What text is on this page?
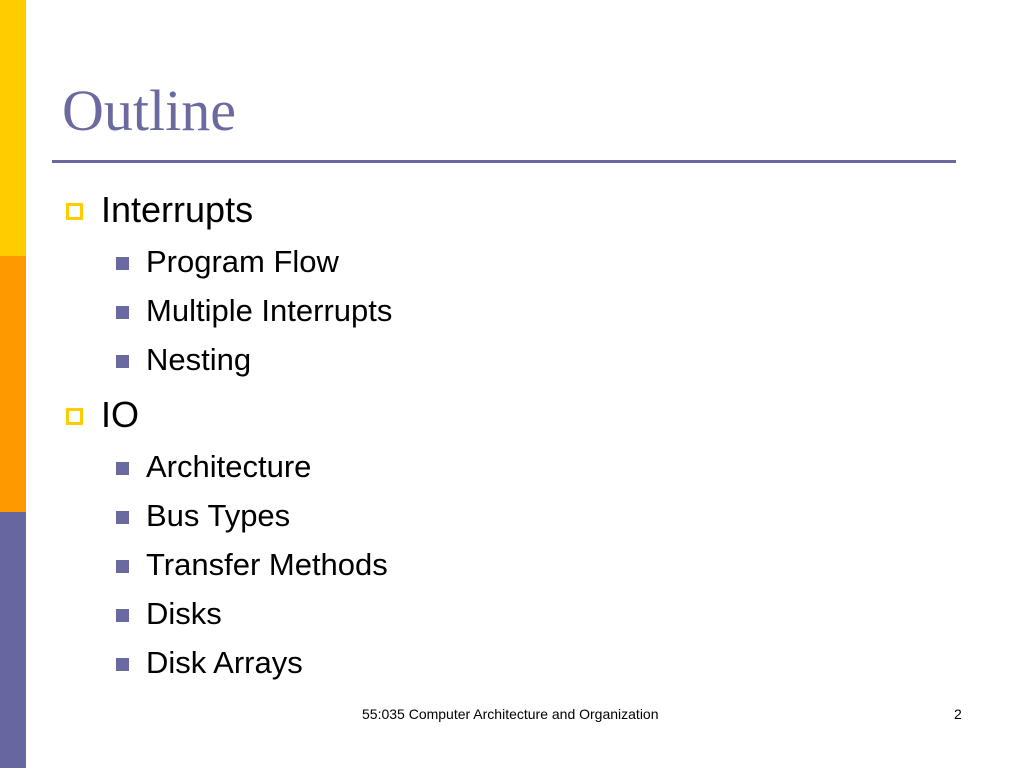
Outline
Interrupts
Program Flow
Multiple Interrupts
Nesting
IO
Architecture
Bus Types
Transfer Methods
Disks
Disk Arrays
55:035 Computer Architecture and Organization	2
